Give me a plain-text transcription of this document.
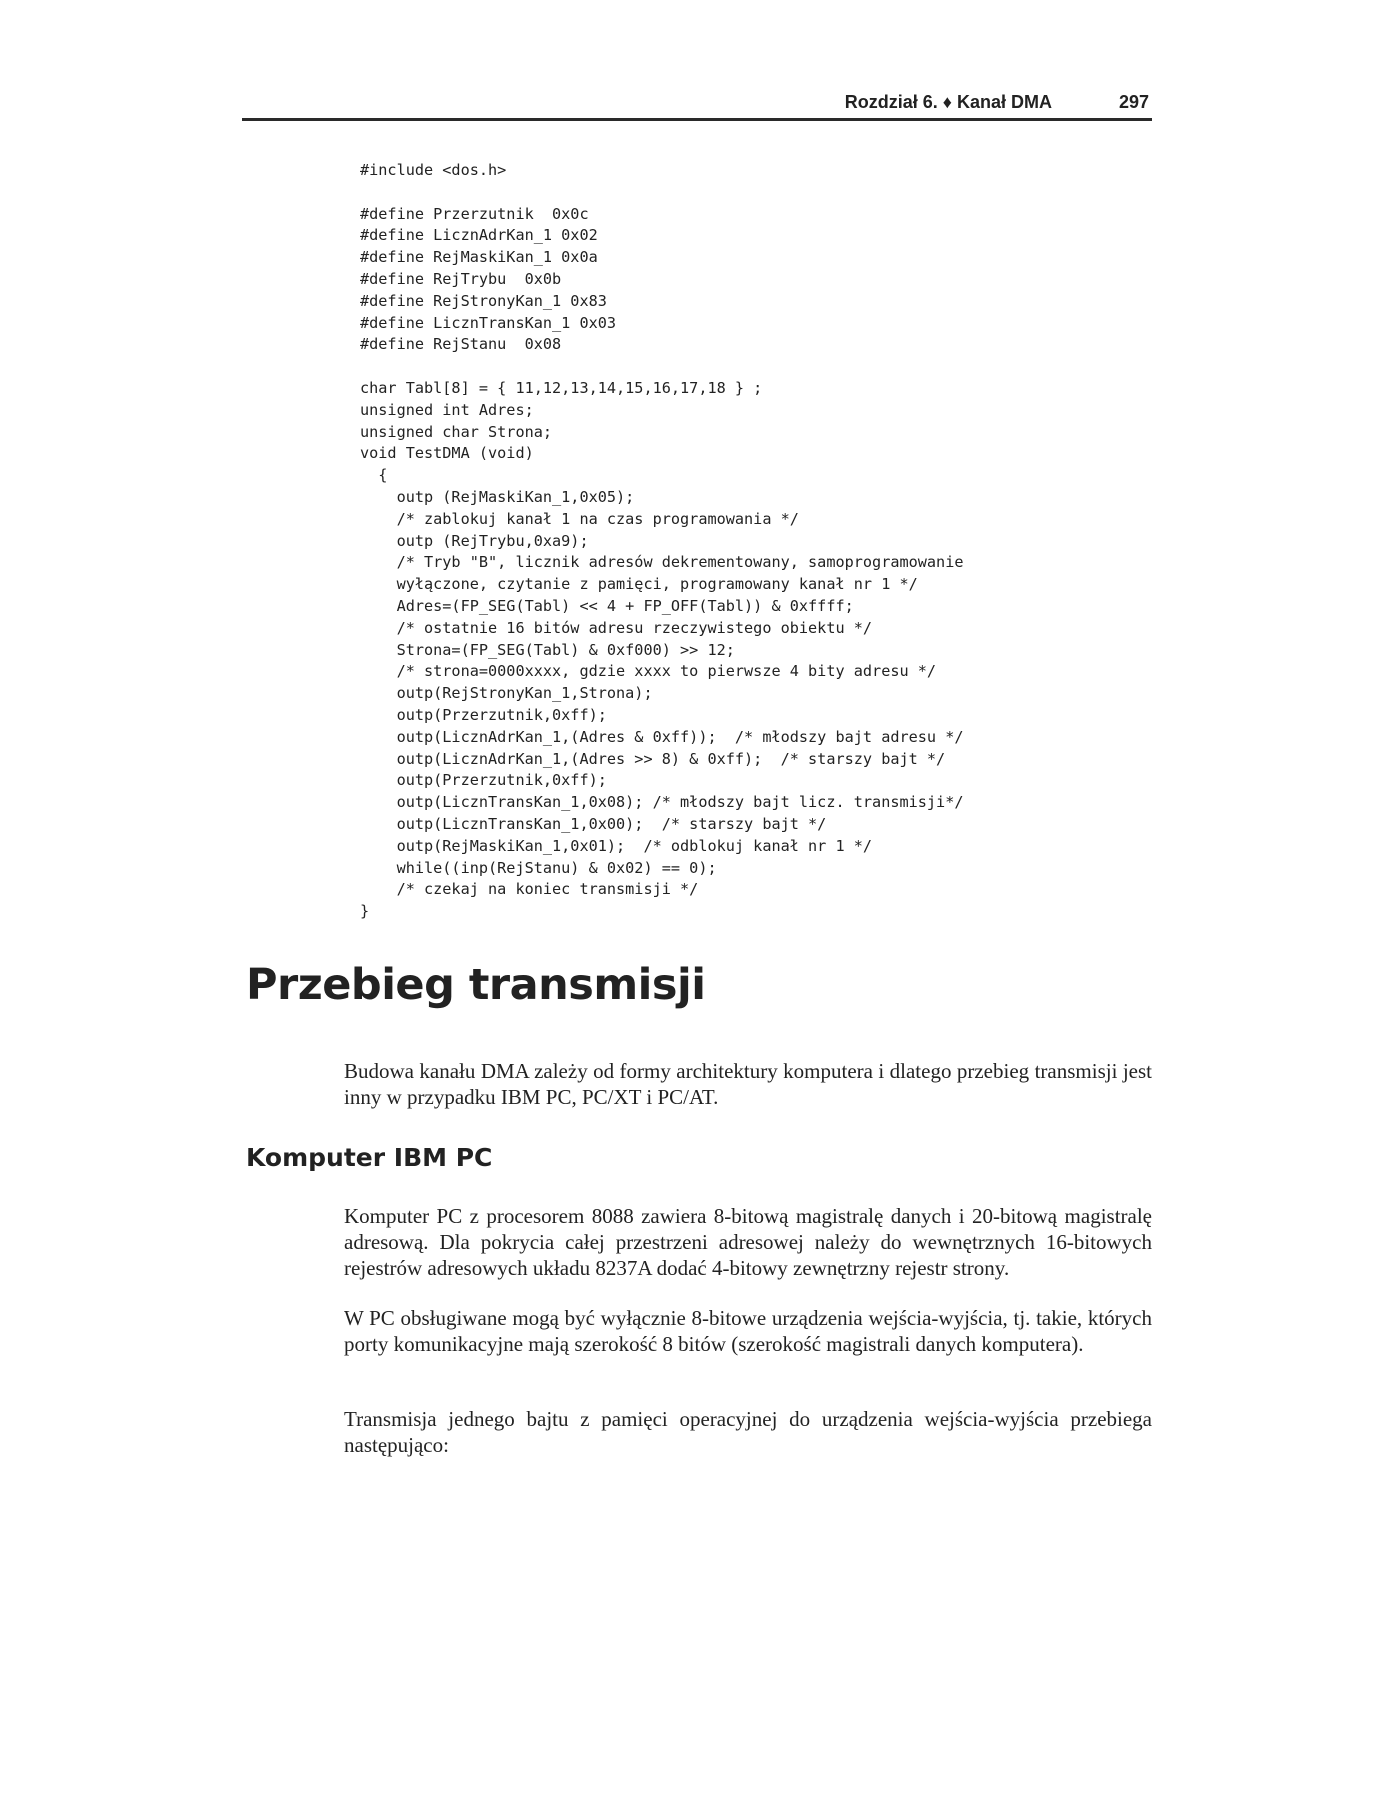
Rozdział 6. ♦ Kanał DMA	297
#include <dos.h>

#define Przerzutnik  0x0c
#define LicznAdrKan_1 0x02
#define RejMaskiKan_1 0x0a
#define RejTrybu  0x0b
#define RejStronyKan_1 0x83
#define LicznTransKan_1 0x03
#define RejStanu  0x08

char Tabl[8] = { 11,12,13,14,15,16,17,18 } ;
unsigned int Adres;
unsigned char Strona;
void TestDMA (void)
{
outp (RejMaskiKan_1,0x05);
/* zablokuj kanał 1 na czas programowania */
outp (RejTrybu,0xa9);
/* Tryb "B", licznik adresów dekrementowany, samoprogramowanie
wyłączone, czytanie z pamięci, programowany kanał nr 1 */
Adres=(FP_SEG(Tabl) << 4 + FP_OFF(Tabl)) & 0xffff;
/* ostatnie 16 bitów adresu rzeczywistego obiektu */
Strona=(FP_SEG(Tabl) & 0xf000) >> 12;
/* strona=0000xxxx, gdzie xxxx to pierwsze 4 bity adresu */
outp(RejStronyKan_1,Strona);
outp(Przerzutnik,0xff);
outp(LicznAdrKan_1,(Adres & 0xff));  /* młodszy bajt adresu */
outp(LicznAdrKan_1,(Adres >> 8) & 0xff);  /* starszy bajt */
outp(Przerzutnik,0xff);
outp(LicznTransKan_1,0x08); /* młodszy bajt licz. transmisji*/
outp(LicznTransKan_1,0x00);  /* starszy bajt */
outp(RejMaskiKan_1,0x01);  /* odblokuj kanał nr 1 */
while((inp(RejStanu) & 0x02) == 0);
/* czekaj na koniec transmisji */
}
Przebieg transmisji

Budowa kanału DMA zależy od formy architektury komputera i dlatego przebieg transmisji jest inny w przypadku IBM PC, PC/XT i PC/AT.

Komputer IBM PC

Komputer PC z procesorem 8088 zawiera 8-bitową magistralę danych i 20-bitową magistralę adresową. Dla pokrycia całej przestrzeni adresowej należy do wewnętrznych 16-bitowych rejestrów adresowych układu 8237A dodać 4-bitowy zewnętrzny rejestr strony.

W PC obsługiwane mogą być wyłącznie 8-bitowe urządzenia wejścia-wyjścia, tj. takie, których porty komunikacyjne mają szerokość 8 bitów (szerokość magistrali danych komputera).

Transmisja jednego bajtu z pamięci operacyjnej do urządzenia wejścia-wyjścia przebiega następująco:
